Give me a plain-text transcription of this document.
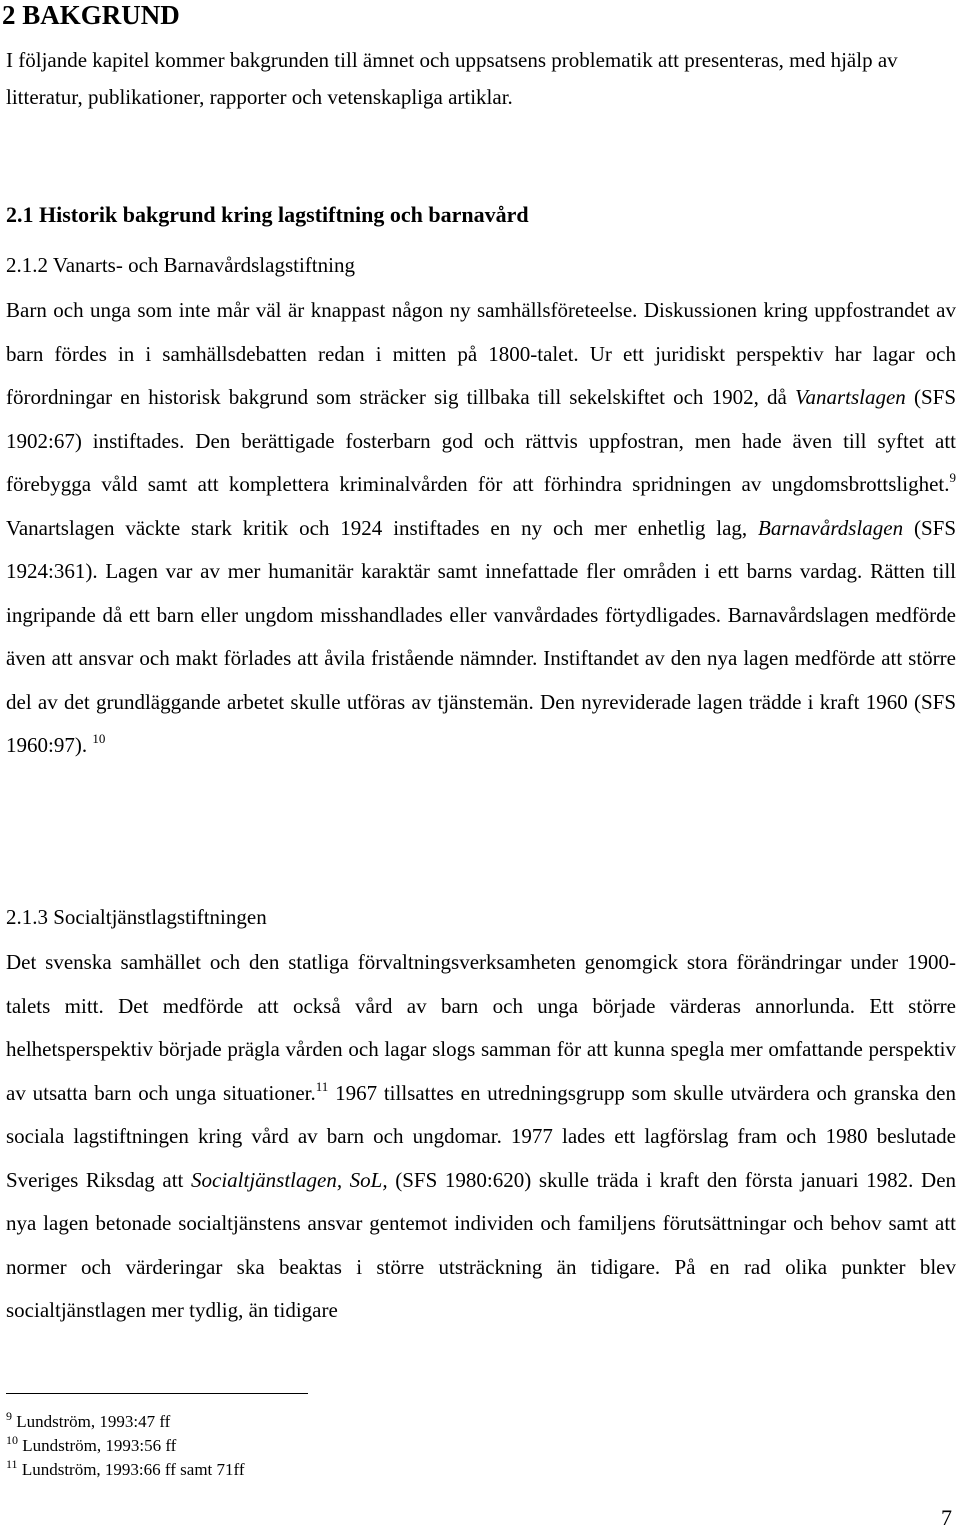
2 BAKGRUND
I följande kapitel kommer bakgrunden till ämnet och uppsatsens problematik att presenteras, med hjälp av litteratur, publikationer, rapporter och vetenskapliga artiklar.
2.1 Historik bakgrund kring lagstiftning och barnavård
2.1.2 Vanarts- och Barnavårdslagstiftning

Barn och unga som inte mår väl är knappast någon ny samhällsföreteelse. Diskussionen kring uppfostrandet av barn fördes in i samhällsdebatten redan i mitten på 1800-talet. Ur ett juridiskt perspektiv har lagar och förordningar en historisk bakgrund som sträcker sig tillbaka till sekelskiftet och 1902, då Vanartslagen (SFS 1902:67) instiftades. Den berättigade fosterbarn god och rättvis uppfostran, men hade även till syftet att förebygga våld samt att komplettera kriminalvården för att förhindra spridningen av ungdomsbrottslighet.$^9$ Vanartslagen väckte stark kritik och 1924 instiftades en ny och mer enhetlig lag, Barnavårdslagen (SFS 1924:361). Lagen var av mer humanitär karaktär samt innefattade fler områden i ett barns vardag. Rätten till ingripande då ett barn eller ungdom misshandlades eller vanvårdades förtydligades. Barnavårdslagen medförde även att ansvar och makt förlades att åvila fristående nämnder. Instiftandet av den nya lagen medförde att större del av det grundläggande arbetet skulle utföras av tjänstemän. Den nyreviderade lagen trädde i kraft 1960 (SFS 1960:97). $^{10}$

2.1.3 Socialtjänstlagstiftningen

Det svenska samhället och den statliga förvaltningsverksamheten genomgick stora förändringar under 1900-talets mitt. Det medförde att också vård av barn och unga började värderas annorlunda. Ett större helhetsperspektiv började prägla vården och lagar slogs samman för att kunna spegla mer omfattande perspektiv av utsatta barn och unga situationer.$^{11}$ 1967 tillsattes en utredningsgrupp som skulle utvärdera och granska den sociala lagstiftningen kring vård av barn och ungdomar. 1977 lades ett lagförslag fram och 1980 beslutade Sveriges Riksdag att Socialtjänstlagen, SoL, (SFS 1980:620) skulle träda i kraft den första januari 1982. Den nya lagen betonade socialtjänstens ansvar gentemot individen och familjens förutsättningar och behov samt att normer och värderingar ska beaktas i större utsträckning än tidigare. På en rad olika punkter blev socialtjänstlagen mer tydlig, än tidigare

$^9$ Lundström, 1993:47 ff
$^{10}$ Lundström, 1993:56 ff
$^{11}$ Lundström, 1993:66 ff samt 71ff
7
